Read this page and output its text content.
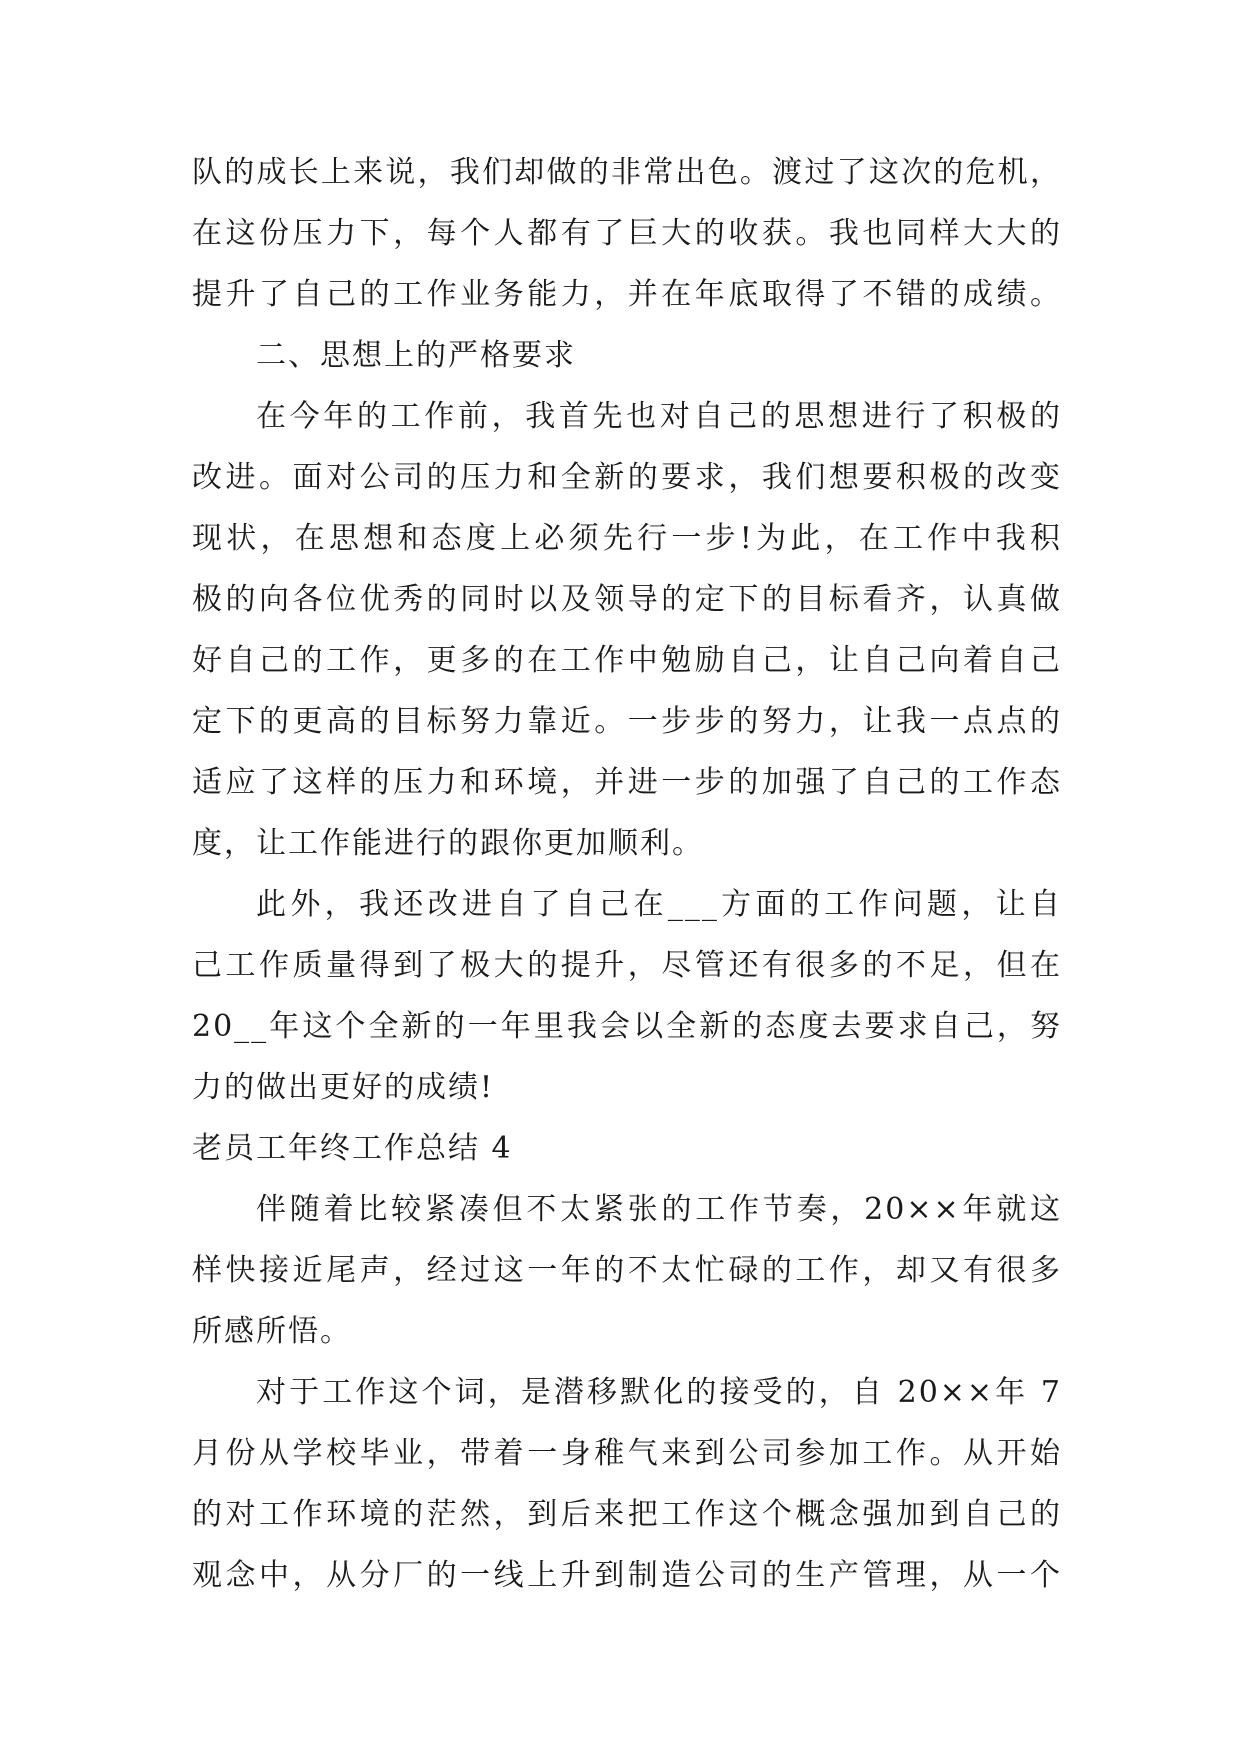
队的成长上来说，我们却做的非常出色。渡过了这次的危机，
在这份压力下，每个人都有了巨大的收获。我也同样大大的
提升了自己的工作业务能力，并在年底取得了不错的成绩。
二、思想上的严格要求
在今年的工作前，我首先也对自己的思想进行了积极的
改进。面对公司的压力和全新的要求，我们想要积极的改变
现状，在思想和态度上必须先行一步!为此，在工作中我积
极的向各位优秀的同时以及领导的定下的目标看齐，认真做
好自己的工作，更多的在工作中勉励自己，让自己向着自己
定下的更高的目标努力靠近。一步步的努力，让我一点点的
适应了这样的压力和环境，并进一步的加强了自己的工作态
度，让工作能进行的跟你更加顺利。
此外，我还改进自了自己在___方面的工作问题，让自
己工作质量得到了极大的提升，尽管还有很多的不足，但在
20__年这个全新的一年里我会以全新的态度去要求自己，努
力的做出更好的成绩!
老员工年终工作总结 4
伴随着比较紧凑但不太紧张的工作节奏，20××年就这
样快接近尾声，经过这一年的不太忙碌的工作，却又有很多
所感所悟。
对于工作这个词，是潜移默化的接受的，自 20××年 7
月份从学校毕业，带着一身稚气来到公司参加工作。从开始
的对工作环境的茫然，到后来把工作这个概念强加到自己的
观念中，从分厂的一线上升到制造公司的生产管理，从一个
